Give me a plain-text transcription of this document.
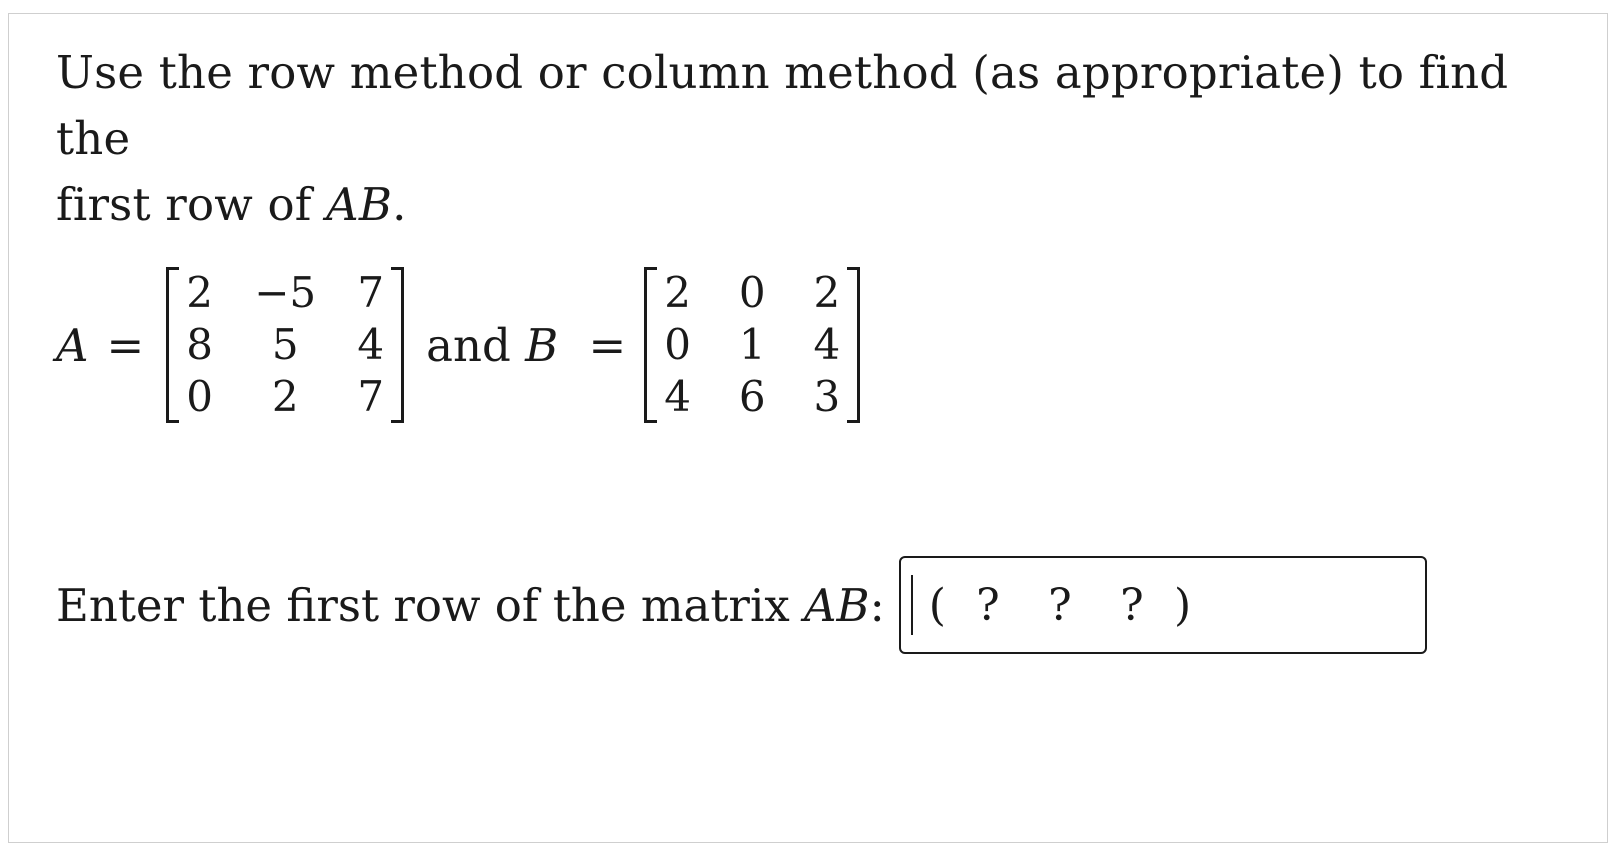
Use the row method or column method (as appropriate) to find the
first row of AB.
A =
2	−5	7
8	5	4
0	2	7
and B =
2	0	2
0	1	4
4	6	3
Enter the first row of the matrix AB: ( ?	?	? )
